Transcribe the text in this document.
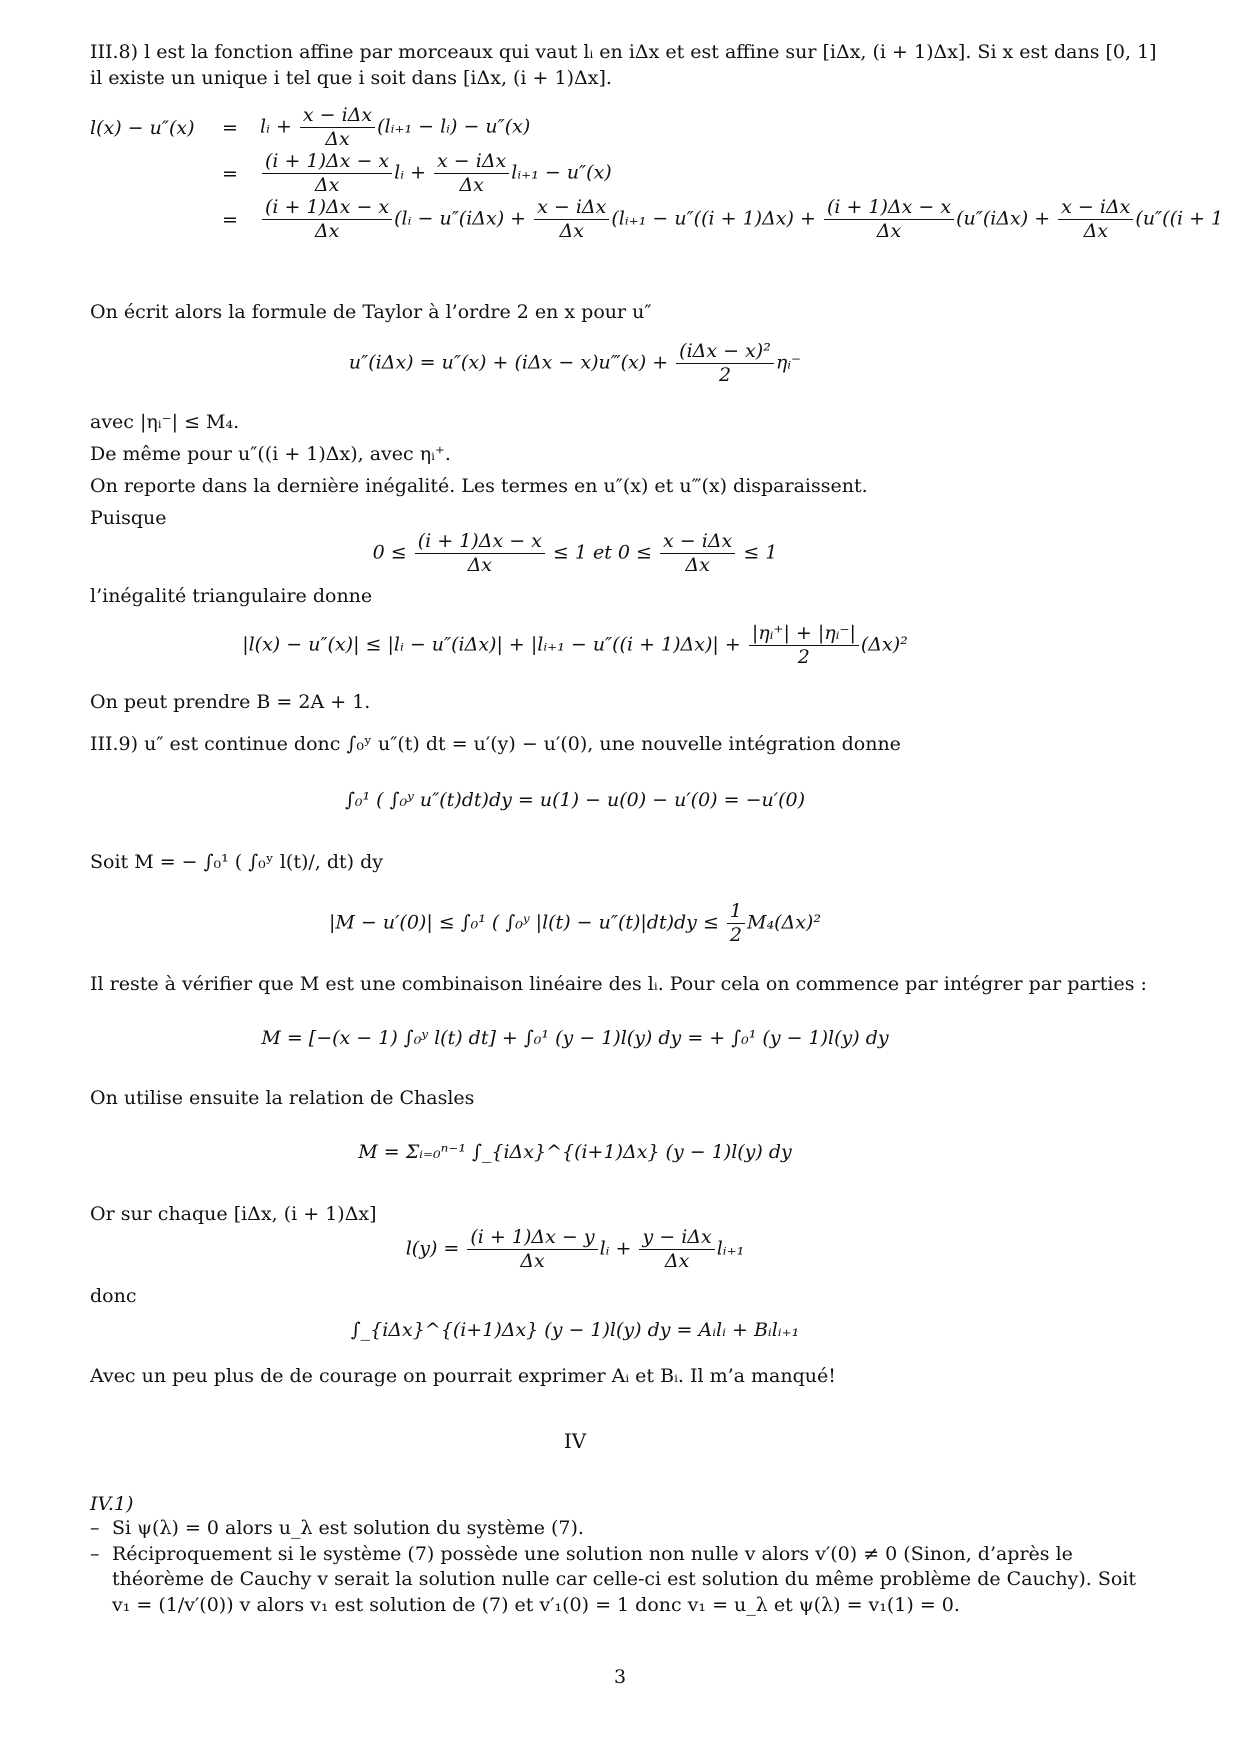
III.8) l est la fonction affine par morceaux qui vaut lᵢ en iΔx et est affine sur [iΔx, (i + 1)Δx]. Si x est dans [0, 1] il existe un unique i tel que i soit dans [iΔx, (i + 1)Δx].
l(x) − u″(x) = lᵢ + $\frac{\text{x − iΔx}}{\Delta x}$ (lᵢ₊₁ − lᵢ) − u″(x)
= $\frac{(i + 1)\Delta x - x}{\Delta x}$ lᵢ + $\frac{\text{x − iΔx}}{\Delta x}$ lᵢ₊₁ − u″(x)
= $\frac{(i + 1)\Delta x - x}{\Delta x}$ (lᵢ − $u''(i\Delta x) + \frac{\text{x − iΔx}}{\Delta x}$ (lᵢ₊₁ − $u''((i + 1)\Delta x) + \frac{(i + 1)\Delta x - x}{\Delta x} (u''(i\Delta x) + \frac{\text{x − iΔx}}{\Delta x} (u''((i + 1$
On écrit alors la formule de Taylor à l’ordre 2 en x pour u″
u″(iΔx) = u″(x) + (iΔx − x)u‴(x) + $\frac{\text{(iΔx − x)²}}{2}$ ηᵢ⁻
avec |ηᵢ⁻| ≤ M₄.
De même pour u″((i + 1)Δx), avec ηᵢ⁺.
On reporte dans la dernière inégalité. Les termes en u″(x) et u‴(x) disparaissent.
Puisque
$0 \le \frac{(i + 1)\Delta x - x}{\Delta x} \le 1$ et $0 \le \frac{\text{x − iΔx}}{\Delta x} \le 1$
l’inégalité triangulaire donne
|l(x) − u″(x)| ≤ |lᵢ − u″(iΔx)| + |lᵢ₊₁ − $u''((i + 1)\Delta x)| + \frac{\text{|ηᵢ⁺| + |ηᵢ⁻|}}{2} (\Delta x)^2$
On peut prendre B = 2A + 1.
III.9) u″ est continue donc ∫₀ʸ u″(t) dt = u′(y) − u′(0), une nouvelle intégration donne
∫₀¹ ( ∫₀ʸ u″(t)dt)dy = u(1) − u(0) − u′(0) = −u′(0)
Soit M = − ∫₀¹ ( ∫₀ʸ l(t)/, dt) dy
|M − u′(0)| ≤ ∫₀¹ ( ∫₀ʸ $|l(t) - u''(t)|dt)dy \le \frac{1}{2} M_4(\Delta x)^2$
Il reste à vérifier que M est une combinaison linéaire des lᵢ. Pour cela on commence par intégrer par parties :
M = [−(x − 1) ∫₀ʸ l(t) dt] + ∫₀¹ (y − 1)l(y) dy = + ∫₀¹ (y − 1)l(y) dy
On utilise ensuite la relation de Chasles
M = Σᵢ₌₀ⁿ⁻¹ ∫_{iΔx}^{(i+1)Δx} (y − 1)l(y) dy
Or sur chaque [iΔx, (i + 1)Δx]
$l(y) = \frac{(i + 1)\Delta x - y}{\Delta x}$ lᵢ + $\frac{\text{y − iΔx}}{\Delta x}$ lᵢ₊₁
donc
∫_{iΔx}^{(i+1)Δx} (y − 1)l(y) dy = Aᵢlᵢ + Bᵢlᵢ₊₁
Avec un peu plus de de courage on pourrait exprimer Aᵢ et Bᵢ. Il m’a manqué!
IV
IV.1)
– Si ψ(λ) = 0 alors u_λ est solution du système (7).
– Réciproquement si le système (7) possède une solution non nulle v alors v′(0) ≠ 0 (Sinon, d’après le théorème de Cauchy v serait la solution nulle car celle-ci est solution du même problème de Cauchy). Soit v₁ = (1/v′(0)) v alors v₁ est solution de (7) et v′₁(0) = 1 donc v₁ = u_λ et ψ(λ) = v₁(1) = 0.
3
